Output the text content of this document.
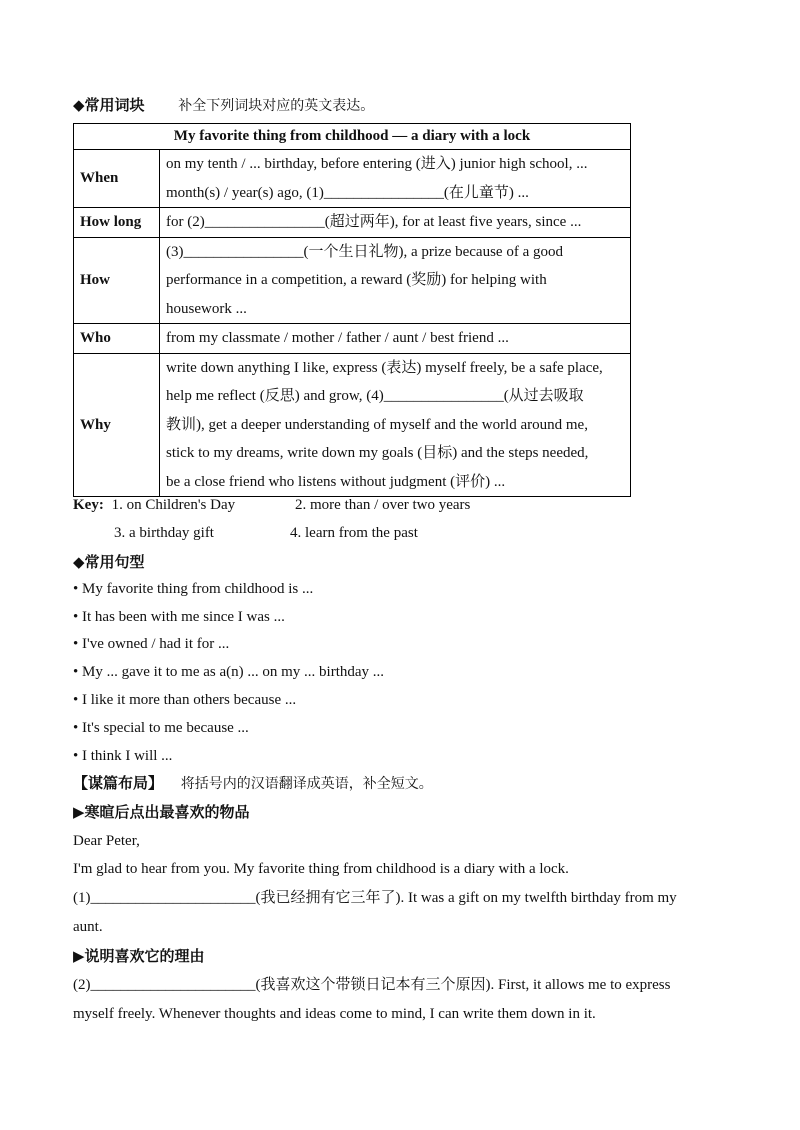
◆常用词块 补全下列词块对应的英文表达。
My favorite thing from childhood — a diary with a lock	
When	on my tenth / ... birthday, before entering (进入) junior high school, ...
month(s) / year(s) ago, (1)________________(在儿童节) ...

How long	for (2)________________(超过两年), for at least five years, since ...

How	(3)________________(一个生日礼物), a prize because of a good
performance in a competition, a reward (奖励) for helping with
housework ...

Who	from my classmate / mother / father / aunt / best friend ...

Why	write down anything I like, express (表达) myself freely, be a safe place,
help me reflect (反思) and grow, (4)________________(从过去吸取
教训), get a deeper understanding of myself and the world around me,
stick to my dreams, write down my goals (目标) and the steps needed,
be a close friend who listens without judgment (评价) ...
Key: 1. on Children's Day	2. more than / over two years
3. a birthday gift	4. learn from the past
◆常用句型
• My favorite thing from childhood is ...
• It has been with me since I was ...
• I've owned / had it for ...
• My ... gave it to me as a(n) ... on my ... birthday ...
• I like it more than others because ...
• It's special to me because ...
• I think I will ...
【谋篇布局】 将括号内的汉语翻译成英语，补全短文。
▶寒暄后点出最喜欢的物品
Dear Peter,
I'm glad to hear from you. My favorite thing from childhood is a diary with a lock.
(1)______________________(我已经拥有它三年了). It was a gift on my twelfth birthday from my
aunt.
▶说明喜欢它的理由
(2)______________________(我喜欢这个带锁日记本有三个原因). First, it allows me to express
myself freely. Whenever thoughts and ideas come to mind, I can write them down in it.
